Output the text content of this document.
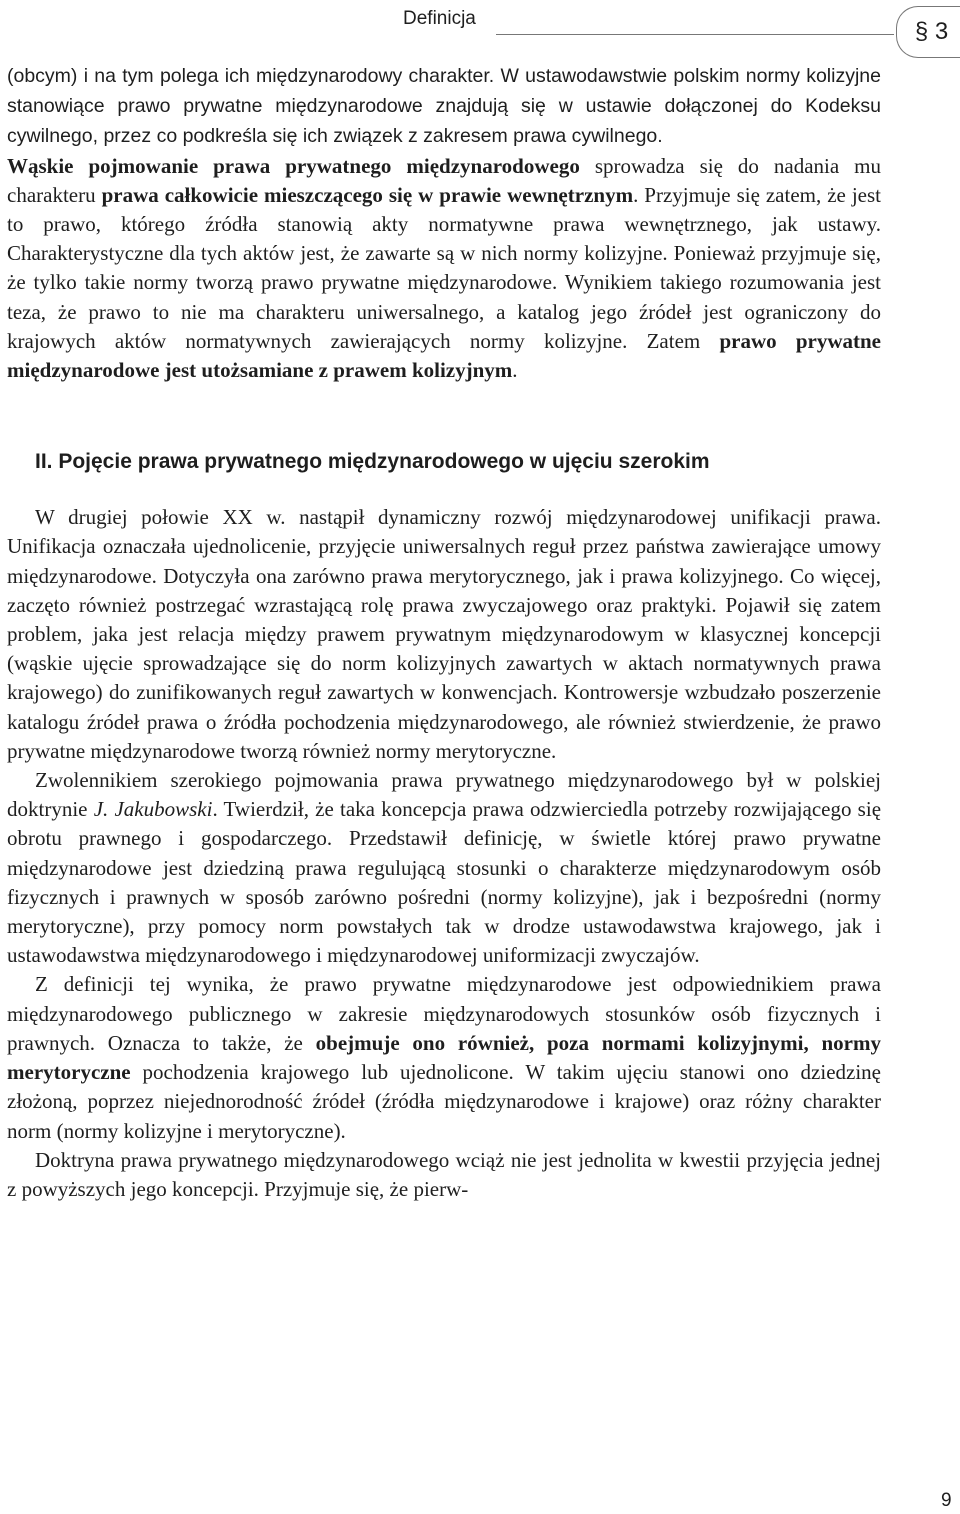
Definicja	§ 3

(obcym) i na tym polega ich międzynarodowy charakter. W ustawodawstwie polskim normy kolizyjne stanowiące prawo prywatne międzynarodowe znajdują się w ustawie dołączonej do Kodeksu cywilnego, przez co podkreśla się ich związek z zakresem prawa cywilnego.

Wąskie pojmowanie prawa prywatnego międzynarodowego sprowadza się do nadania mu charakteru prawa całkowicie mieszczącego się w prawie wewnętrznym. Przyjmuje się zatem, że jest to prawo, którego źródła stanowią akty normatywne prawa wewnętrznego, jak ustawy. Charakterystyczne dla tych aktów jest, że zawarte są w nich normy kolizyjne. Ponieważ przyjmuje się, że tylko takie normy tworzą prawo prywatne międzynarodowe. Wynikiem takiego rozumowania jest teza, że prawo to nie ma charakteru uniwersalnego, a katalog jego źródeł jest ograniczony do krajowych aktów normatywnych zawierających normy kolizyjne. Zatem prawo prywatne międzynarodowe jest utożsamiane z prawem kolizyjnym.

II. Pojęcie prawa prywatnego międzynarodowego w ujęciu szerokim

W drugiej połowie XX w. nastąpił dynamiczny rozwój międzynarodowej unifikacji prawa. Unifikacja oznaczała ujednolicenie, przyjęcie uniwersalnych reguł przez państwa zawierające umowy międzynarodowe. Dotyczyła ona zarówno prawa merytorycznego, jak i prawa kolizyjnego. Co więcej, zaczęto również postrzegać wzrastającą rolę prawa zwyczajowego oraz praktyki. Pojawił się zatem problem, jaka jest relacja między prawem prywatnym międzynarodowym w klasycznej koncepcji (wąskie ujęcie sprowadzające się do norm kolizyjnych zawartych w aktach normatywnych prawa krajowego) do zunifikowanych reguł zawartych w konwencjach. Kontrowersje wzbudzało poszerzenie katalogu źródeł prawa o źródła pochodzenia międzynarodowego, ale również stwierdzenie, że prawo prywatne międzynarodowe tworzą również normy merytoryczne.

Zwolennikiem szerokiego pojmowania prawa prywatnego międzynarodowego był w polskiej doktrynie J. Jakubowski. Twierdził, że taka koncepcja prawa odzwierciedla potrzeby rozwijającego się obrotu prawnego i gospodarczego. Przedstawił definicję, w świetle której prawo prywatne międzynarodowe jest dziedziną prawa regulującą stosunki o charakterze międzynarodowym osób fizycznych i prawnych w sposób zarówno pośredni (normy kolizyjne), jak i bezpośredni (normy merytoryczne), przy pomocy norm powstałych tak w drodze ustawodawstwa krajowego, jak i ustawodawstwa międzynarodowego i międzynarodowej uniformizacji zwyczajów.

Z definicji tej wynika, że prawo prywatne międzynarodowe jest odpowiednikiem prawa międzynarodowego publicznego w zakresie międzynarodowych stosunków osób fizycznych i prawnych. Oznacza to także, że obejmuje ono również, poza normami kolizyjnymi, normy merytoryczne pochodzenia krajowego lub ujednolicone. W takim ujęciu stanowi ono dziedzinę złożoną, poprzez niejednorodność źródeł (źródła międzynarodowe i krajowe) oraz różny charakter norm (normy kolizyjne i merytoryczne).

Doktryna prawa prywatnego międzynarodowego wciąż nie jest jednolita w kwestii przyjęcia jednej z powyższych jego koncepcji. Przyjmuje się, że pierw-

9
